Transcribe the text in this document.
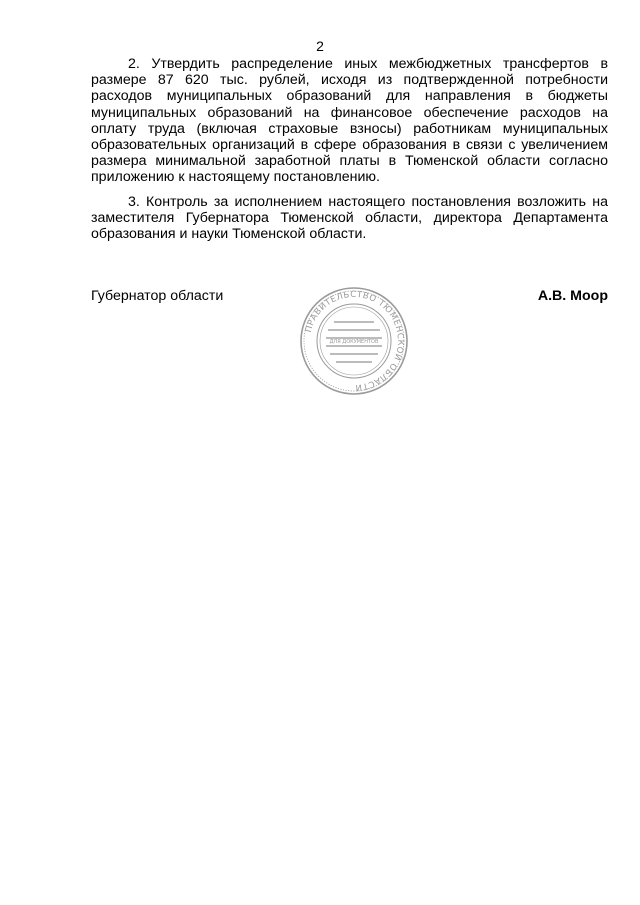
2

2. Утвердить распределение иных межбюджетных трансфертов в размере 87 620 тыс. рублей, исходя из подтвержденной потребности расходов муниципальных образований для направления в бюджеты муниципальных образований на финансовое обеспечение расходов на оплату труда (включая страховые взносы) работникам муниципальных образовательных организаций в сфере образования в связи с увеличением размера минимальной заработной платы в Тюменской области согласно приложению к настоящему постановлению.

3. Контроль за исполнением настоящего постановления возложить на заместителя Губернатора Тюменской области, директора Департамента образования и науки Тюменской области.

Губернатор области	А.В. Моор
ПРАВИТЕЛЬСТВО ТЮМЕНСКОЙ ОБЛАСТИ
ДЛЯ ДОКУМЕНТОВ
